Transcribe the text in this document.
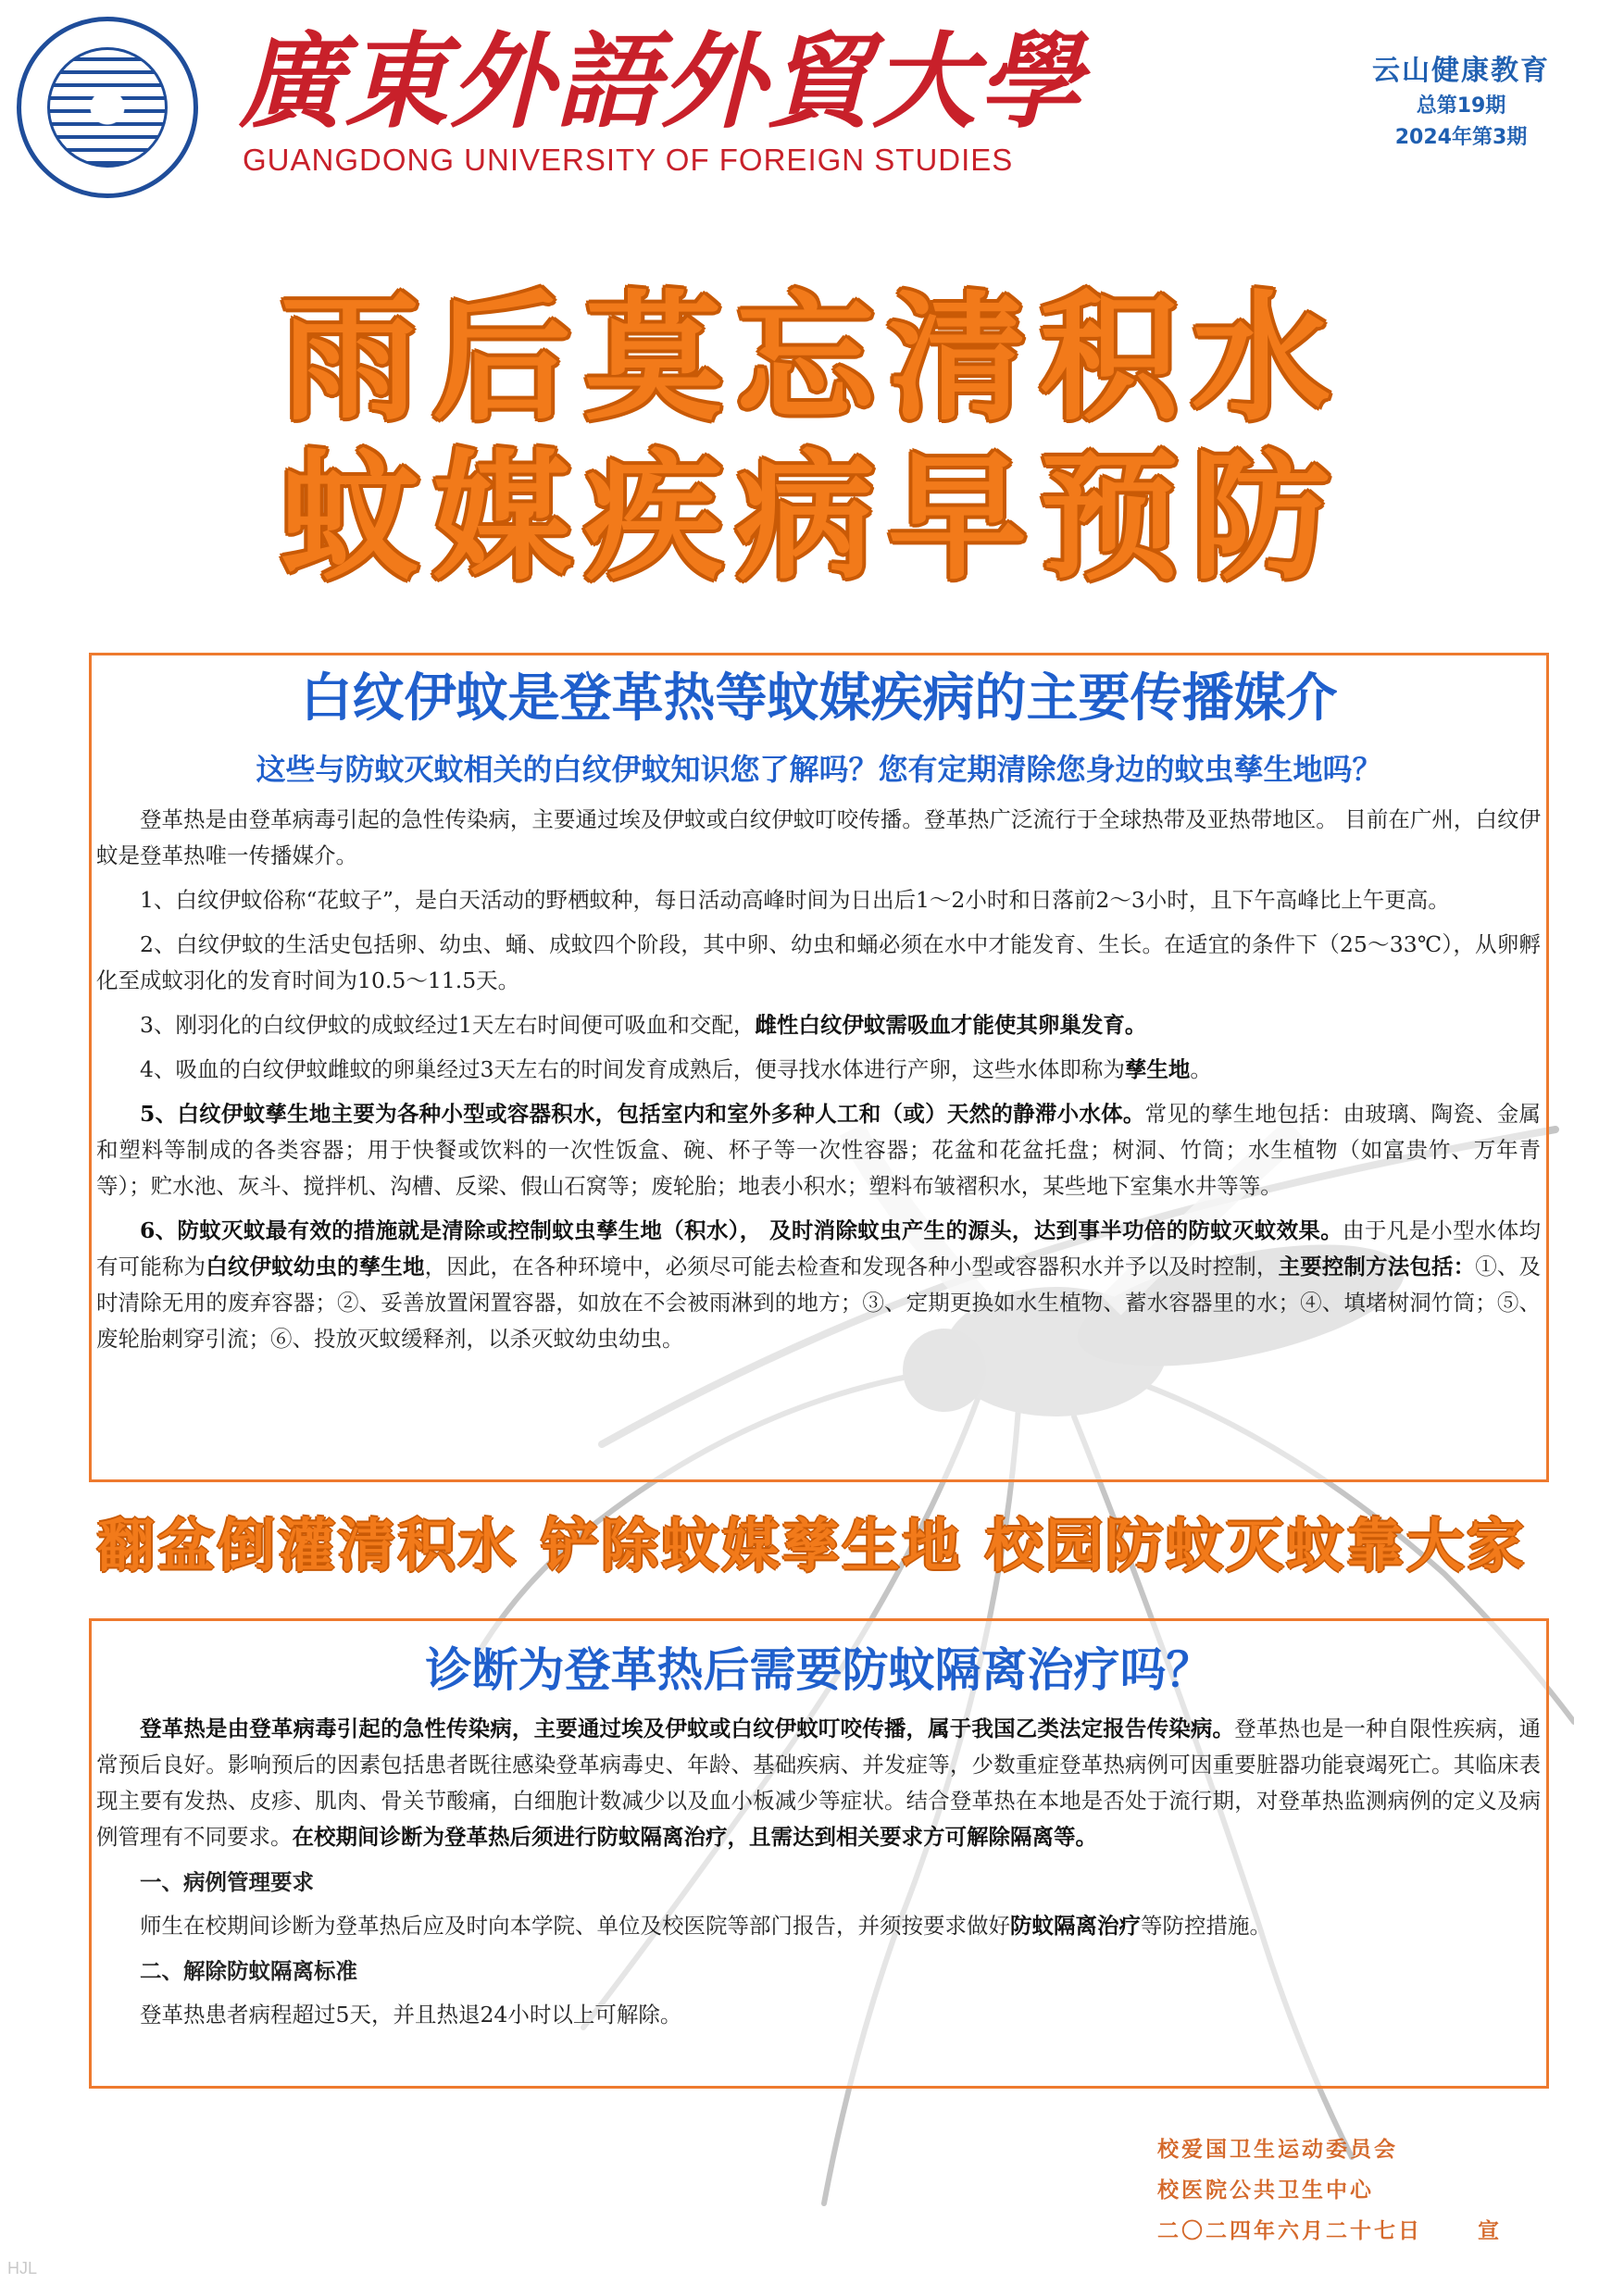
廣東外語外貿大學
GUANGDONG UNIVERSITY OF FOREIGN STUDIES
云山健康教育
总第19期
2024年第3期
雨后莫忘清积水
蚊媒疾病早预防
白纹伊蚊是登革热等蚊媒疾病的主要传播媒介
这些与防蚊灭蚊相关的白纹伊蚊知识您了解吗？您有定期清除您身边的蚊虫孳生地吗？

登革热是由登革病毒引起的急性传染病，主要通过埃及伊蚊或白纹伊蚊叮咬传播。登革热广泛流行于全球热带及亚热带地区。 目前在广州，白纹伊蚊是登革热唯一传播媒介。

1、白纹伊蚊俗称“花蚊子”，是白天活动的野栖蚊种，每日活动高峰时间为日出后1～2小时和日落前2～3小时，且下午高峰比上午更高。

2、白纹伊蚊的生活史包括卵、幼虫、蛹、成蚊四个阶段，其中卵、幼虫和蛹必须在水中才能发育、生长。在适宜的条件下（25～33℃），从卵孵化至成蚊羽化的发育时间为10.5～11.5天。

3、刚羽化的白纹伊蚊的成蚊经过1天左右时间便可吸血和交配，雌性白纹伊蚊需吸血才能使其卵巢发育。

4、吸血的白纹伊蚊雌蚊的卵巢经过3天左右的时间发育成熟后，便寻找水体进行产卵，这些水体即称为孳生地。

5、白纹伊蚊孳生地主要为各种小型或容器积水，包括室内和室外多种人工和（或）天然的静滞小水体。常见的孳生地包括：由玻璃、陶瓷、金属和塑料等制成的各类容器；用于快餐或饮料的一次性饭盒、碗、杯子等一次性容器；花盆和花盆托盘；树洞、竹筒；水生植物（如富贵竹、万年青等）；贮水池、灰斗、搅拌机、沟槽、反梁、假山石窝等；废轮胎；地表小积水；塑料布皱褶积水，某些地下室集水井等等。

6、防蚊灭蚊最有效的措施就是清除或控制蚊虫孳生地（积水）， 及时消除蚊虫产生的源头，达到事半功倍的防蚊灭蚊效果。由于凡是小型水体均有可能称为白纹伊蚊幼虫的孳生地，因此，在各种环境中，必须尽可能去检查和发现各种小型或容器积水并予以及时控制，主要控制方法包括：①、及时清除无用的废弃容器；②、妥善放置闲置容器，如放在不会被雨淋到的地方；③、定期更换如水生植物、蓄水容器里的水；④、填堵树洞竹筒；⑤、废轮胎刺穿引流；⑥、投放灭蚊缓释剂，以杀灭蚊幼虫幼虫。

翻盆倒灌清积水 铲除蚊媒孳生地 校园防蚊灭蚊靠大家
诊断为登革热后需要防蚊隔离治疗吗？

登革热是由登革病毒引起的急性传染病，主要通过埃及伊蚊或白纹伊蚊叮咬传播，属于我国乙类法定报告传染病。登革热也是一种自限性疾病，通常预后良好。影响预后的因素包括患者既往感染登革病毒史、年龄、基础疾病、并发症等，少数重症登革热病例可因重要脏器功能衰竭死亡。其临床表现主要有发热、皮疹、肌肉、骨关节酸痛，白细胞计数减少以及血小板减少等症状。结合登革热在本地是否处于流行期，对登革热监测病例的定义及病例管理有不同要求。在校期间诊断为登革热后须进行防蚊隔离治疗，且需达到相关要求方可解除隔离等。

一、病例管理要求

师生在校期间诊断为登革热后应及时向本学院、单位及校医院等部门报告，并须按要求做好防蚊隔离治疗等防控措施。

二、解除防蚊隔离标准

登革热患者病程超过5天，并且热退24小时以上可解除。

校爱国卫生运动委员会
校医院公共卫生中心
二〇二四年六月二十七日	宣
HJL
